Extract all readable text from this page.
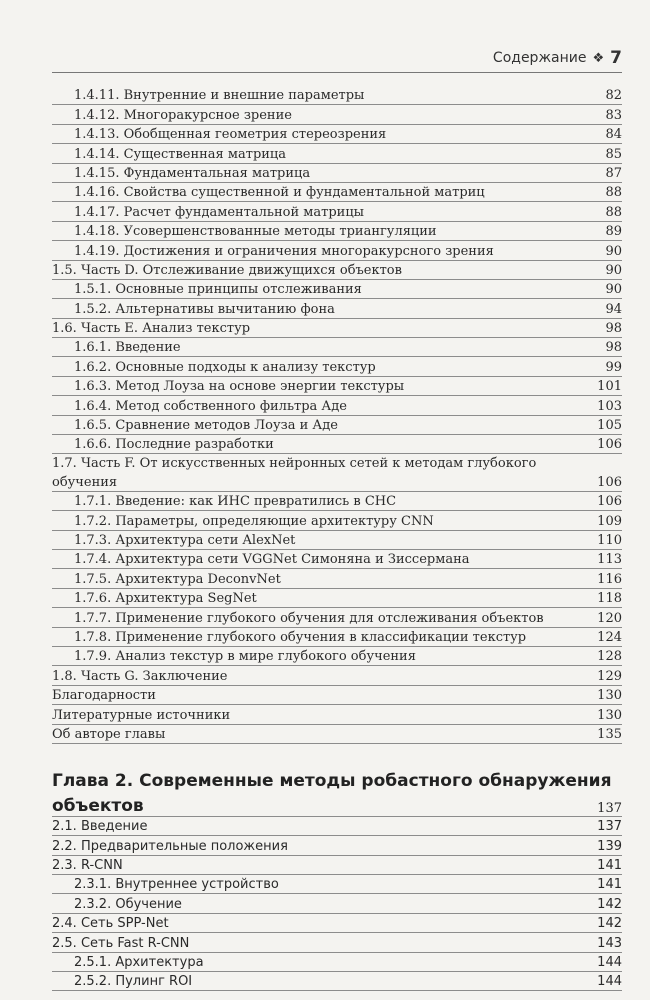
Содержание ❖ 7
1.4.11. Внутренние и внешние параметры	82
1.4.12. Многоракурсное зрение	83
1.4.13. Обобщенная геометрия стереозрения	84
1.4.14. Существенная матрица	85
1.4.15. Фундаментальная матрица	87
1.4.16. Свойства существенной и фундаментальной матриц	88
1.4.17. Расчет фундаментальной матрицы	88
1.4.18. Усовершенствованные методы триангуляции	89
1.4.19. Достижения и ограничения многоракурсного зрения	90
1.5. Часть D. Отслеживание движущихся объектов	90
1.5.1. Основные принципы отслеживания	90
1.5.2. Альтернативы вычитанию фона	94
1.6. Часть E. Анализ текстур	98
1.6.1. Введение	98
1.6.2. Основные подходы к анализу текстур	99
1.6.3. Метод Лоуза на основе энергии текстуры	101
1.6.4. Метод собственного фильтра Аде	103
1.6.5. Сравнение методов Лоуза и Аде	105
1.6.6. Последние разработки	106
1.7. Часть F. От искусственных нейронных сетей к методам глубокого
обучения	106
1.7.1. Введение: как ИНС превратились в СНС	106
1.7.2. Параметры, определяющие архитектуру CNN	109
1.7.3. Архитектура сети AlexNet	110
1.7.4. Архитектура сети VGGNet Симоняна и Зиссермана	113
1.7.5. Архитектура DeconvNet	116
1.7.6. Архитектура SegNet	118
1.7.7. Применение глубокого обучения для отслеживания объектов	120
1.7.8. Применение глубокого обучения в классификации текстур	124
1.7.9. Анализ текстур в мире глубокого обучения	128
1.8. Часть G. Заключение	129
Благодарности	130
Литературные источники	130
Об авторе главы	135
Глава 2. Современные методы робастного обнаружения
объектов	137
2.1. Введение	137
2.2. Предварительные положения	139
2.3. R-CNN	141
2.3.1. Внутреннее устройство	141
2.3.2. Обучение	142
2.4. Сеть SPP-Net	142
2.5. Сеть Fast R-CNN	143
2.5.1. Архитектура	144
2.5.2. Пулинг ROI	144
